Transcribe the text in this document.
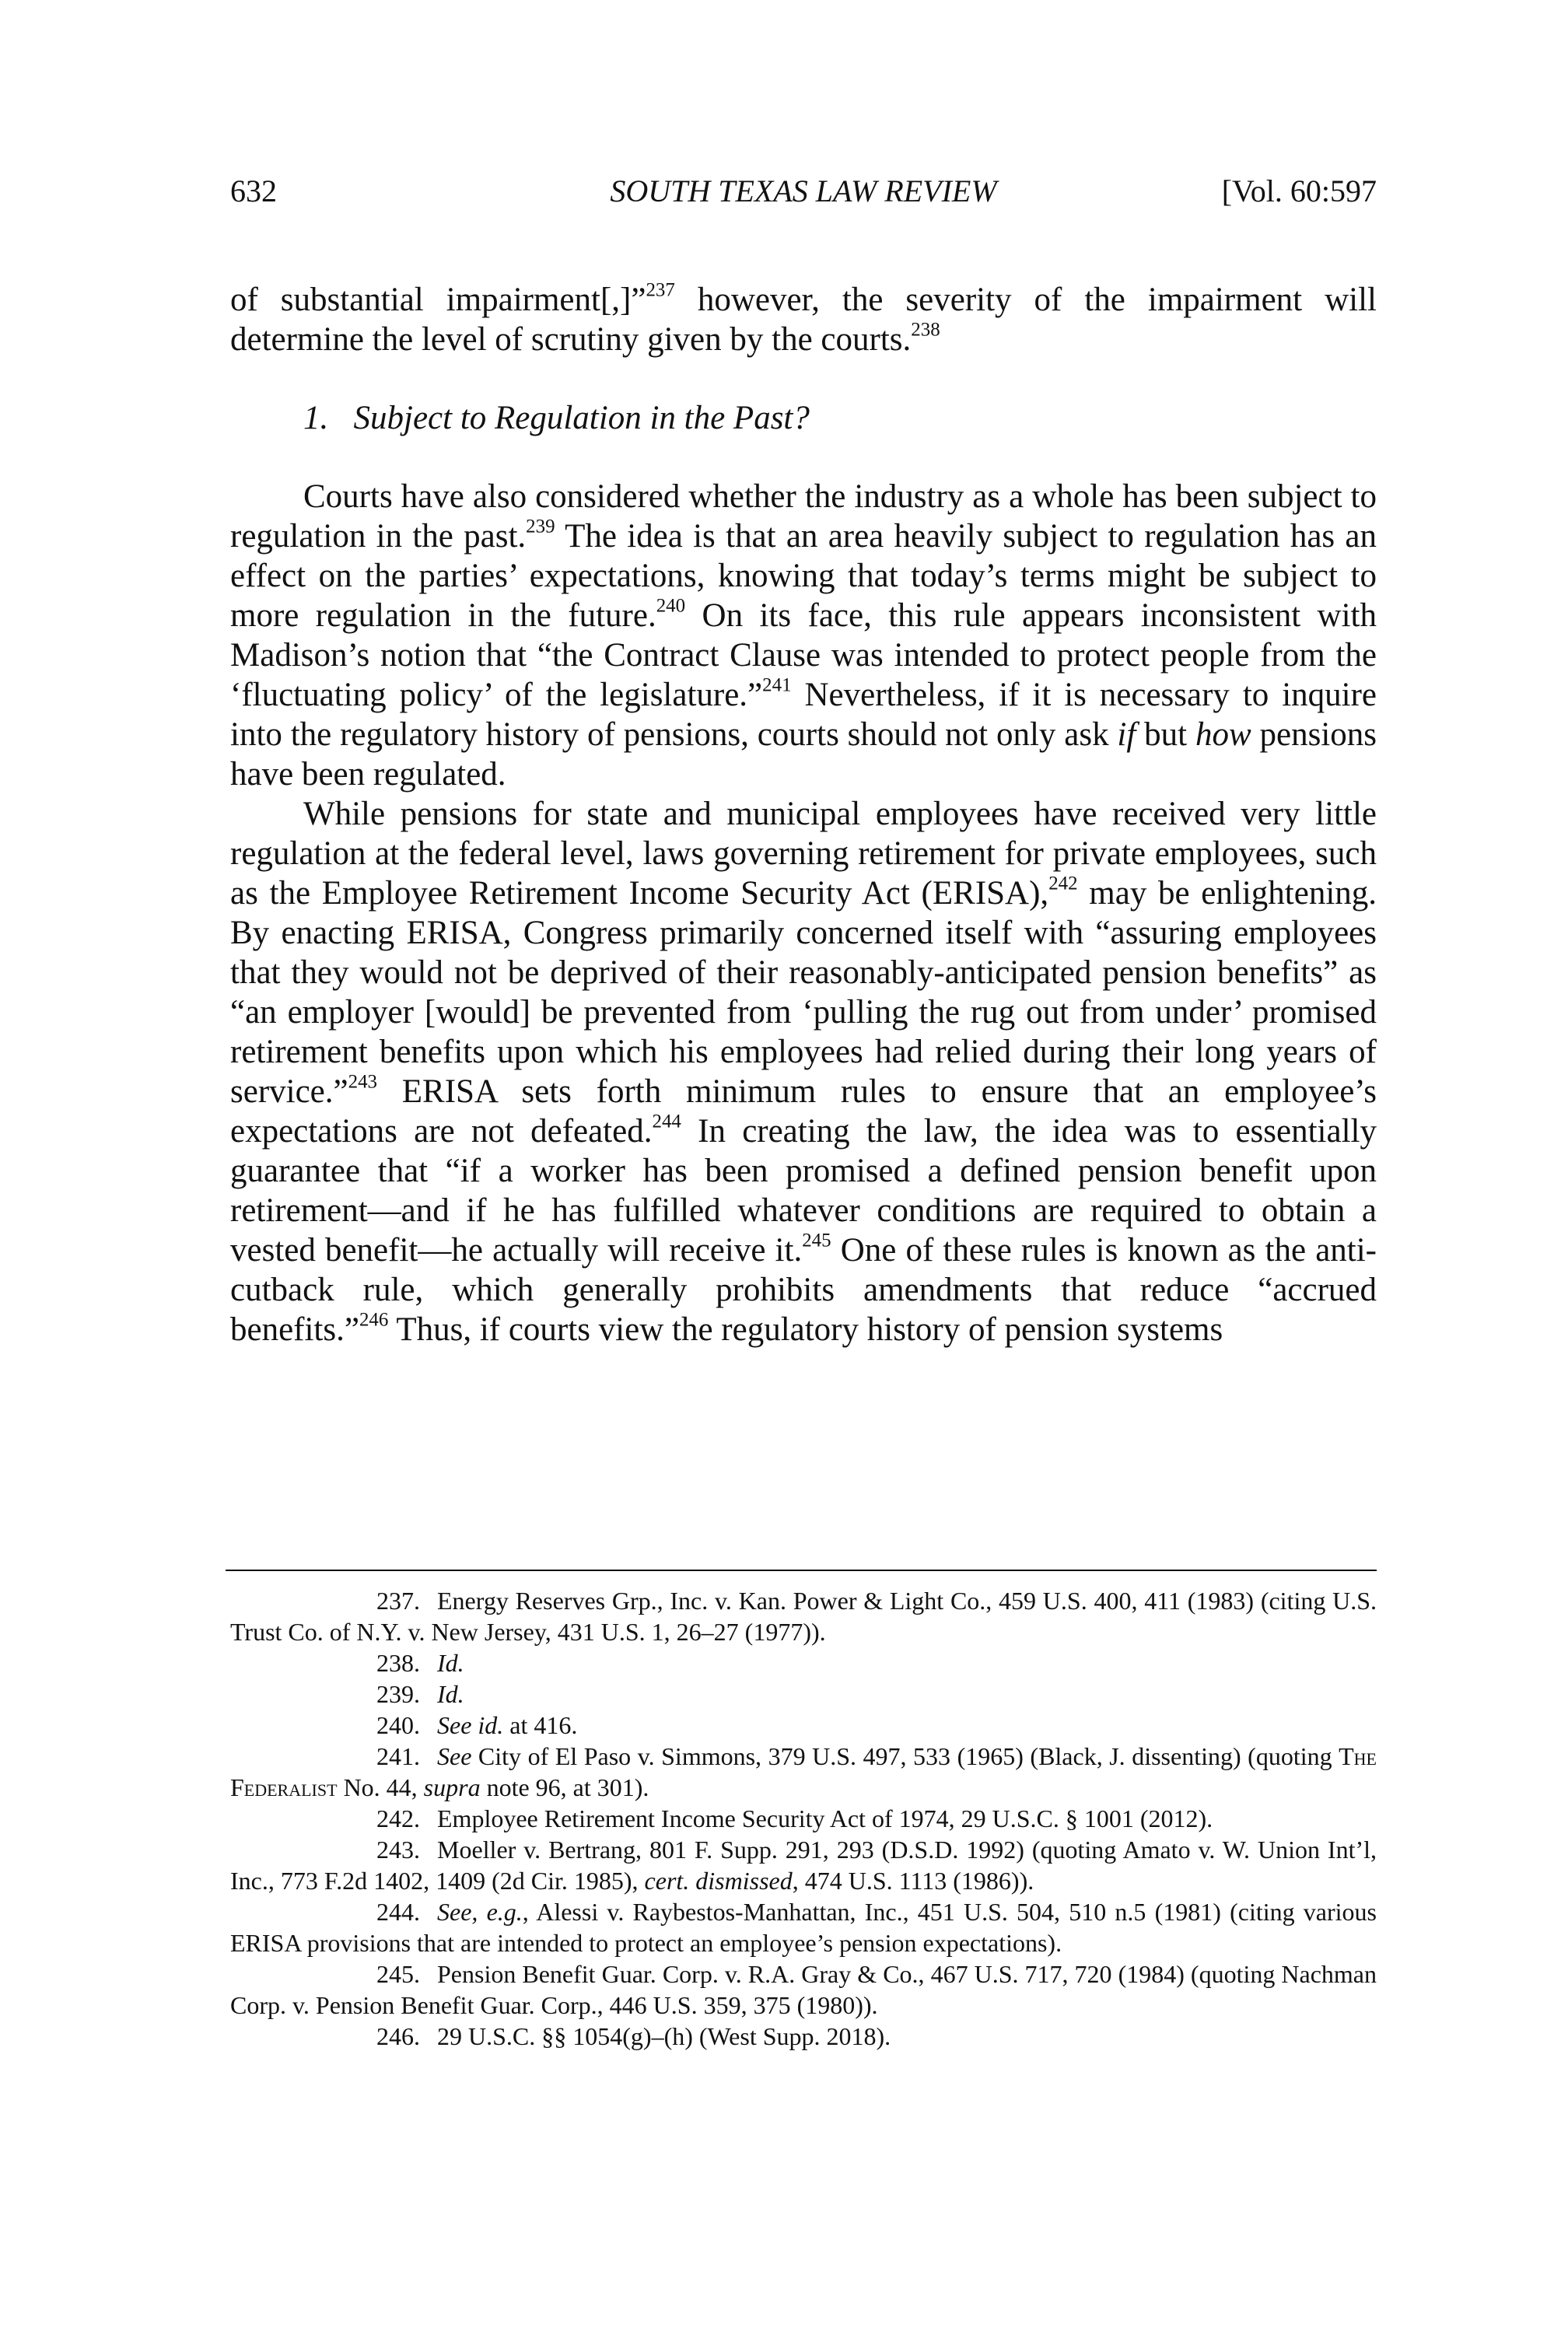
632	SOUTH TEXAS LAW REVIEW	[Vol. 60:597

of substantial impairment[,]”$^{237}$ however, the severity of the impairment will determine the level of scrutiny given by the courts.$^{238}$

1. Subject to Regulation in the Past?

Courts have also considered whether the industry as a whole has been subject to regulation in the past.$^{239}$ The idea is that an area heavily subject to regulation has an effect on the parties’ expectations, knowing that today’s terms might be subject to more regulation in the future.$^{240}$ On its face, this rule appears inconsistent with Madison’s notion that “the Contract Clause was intended to protect people from the ‘fluctuating policy’ of the legislature.”$^{241}$ Nevertheless, if it is necessary to inquire into the regulatory history of pensions, courts should not only ask if but how pensions have been regulated.

While pensions for state and municipal employees have received very little regulation at the federal level, laws governing retirement for private employees, such as the Employee Retirement Income Security Act (ERISA),$^{242}$ may be enlightening. By enacting ERISA, Congress primarily concerned itself with “assuring employees that they would not be deprived of their reasonably-anticipated pension benefits” as “an employer [would] be prevented from ‘pulling the rug out from under’ promised retirement benefits upon which his employees had relied during their long years of service.”$^{243}$ ERISA sets forth minimum rules to ensure that an employee’s expectations are not defeated.$^{244}$ In creating the law, the idea was to essentially guarantee that “if a worker has been promised a defined pension benefit upon retirement—and if he has fulfilled whatever conditions are required to obtain a vested benefit—he actually will receive it.$^{245}$ One of these rules is known as the anti-cutback rule, which generally prohibits amendments that reduce “accrued benefits.”$^{246}$ Thus, if courts view the regulatory history of pension systems

237. Energy Reserves Grp., Inc. v. Kan. Power & Light Co., 459 U.S. 400, 411 (1983) (citing U.S. Trust Co. of N.Y. v. New Jersey, 431 U.S. 1, 26–27 (1977)).

238. Id.

239. Id.

240. See id. at 416.

241. See City of El Paso v. Simmons, 379 U.S. 497, 533 (1965) (Black, J. dissenting) (quoting The Federalist No. 44, supra note 96, at 301).

242. Employee Retirement Income Security Act of 1974, 29 U.S.C. § 1001 (2012).

243. Moeller v. Bertrang, 801 F. Supp. 291, 293 (D.S.D. 1992) (quoting Amato v. W. Union Int’l, Inc., 773 F.2d 1402, 1409 (2d Cir. 1985), cert. dismissed, 474 U.S. 1113 (1986)).

244. See, e.g., Alessi v. Raybestos-Manhattan, Inc., 451 U.S. 504, 510 n.5 (1981) (citing various ERISA provisions that are intended to protect an employee’s pension expectations).

245. Pension Benefit Guar. Corp. v. R.A. Gray & Co., 467 U.S. 717, 720 (1984) (quoting Nachman Corp. v. Pension Benefit Guar. Corp., 446 U.S. 359, 375 (1980)).

246. 29 U.S.C. §§ 1054(g)–(h) (West Supp. 2018).
